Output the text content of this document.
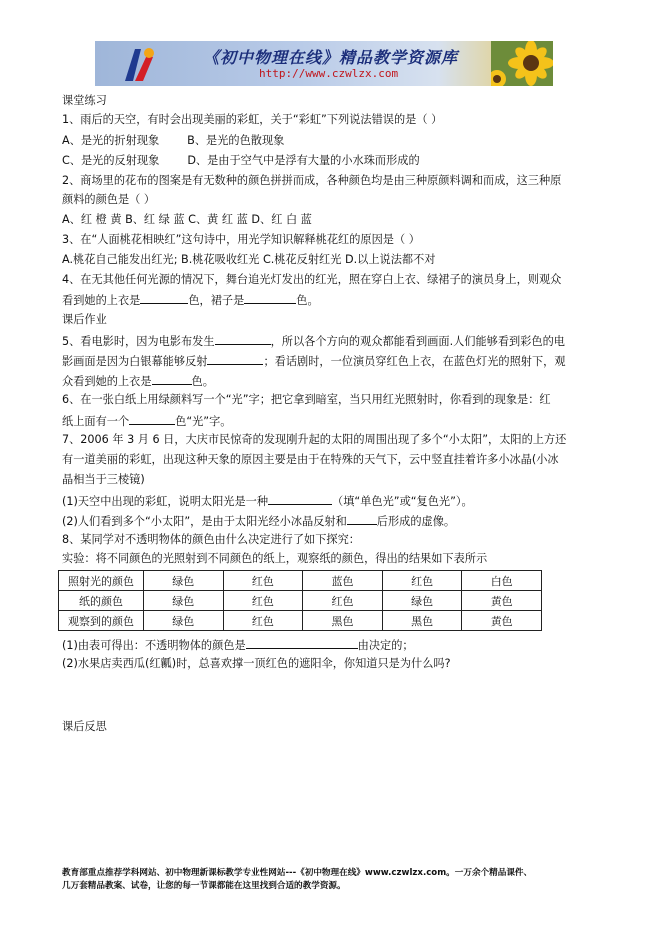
《初中物理在线》精品教学资源库
http://www.czwlzx.com
课堂练习
1、雨后的天空，有时会出现美丽的彩虹，关于“彩虹”下列说法错误的是（ ）
A、是光的折射现象	B、是光的色散现象
C、是光的反射现象	D、是由于空气中是浮有大量的小水珠而形成的
2、商场里的花布的图案是有无数种的颜色拼拼而成，各种颜色均是由三种原颜料调和而成，这三种原
颜料的颜色是（ ）
A、红 橙 黄 B、红 绿 蓝 C、黄 红 蓝 D、红 白 蓝
3、在“人面桃花相映红”这句诗中，用光学知识解释桃花红的原因是（ ）
A.桃花自己能发出红光; B.桃花吸收红光 C.桃花反射红光 D.以上说法都不对
4、在无其他任何光源的情况下，舞台追光灯发出的红光，照在穿白上衣、绿裙子的演员身上，则观众
看到她的上衣是	色，裙子是	色。
课后作业
5、看电影时，因为电影布发生	，所以各个方向的观众都能看到画面.人们能够看到彩色的电
影画面是因为白银幕能够反射	；看话剧时，一位演员穿红色上衣，在蓝色灯光的照射下，观
众看到她的上衣是	色。
6、在一张白纸上用绿颜料写一个“光”字；把它拿到暗室，当只用红光照射时，你看到的现象是：红
纸上面有一个	色“光”字。
7、2006 年 3 月 6 日，大庆市民惊奇的发现刚升起的太阳的周围出现了多个“小太阳”，太阳的上方还
有一道美丽的彩虹，出现这种天象的原因主要是由于在特殊的天气下，云中竖直挂着许多小冰晶(小冰
晶相当于三棱镜)
(1)天空中出现的彩虹，说明太阳光是一种	（填“单色光”或“复色光”）。
(2)人们看到多个“小太阳”，是由于太阳光经小冰晶反射和	后形成的虚像。
8、某同学对不透明物体的颜色由什么决定进行了如下探究：
实验：将不同颜色的光照射到不同颜色的纸上，观察纸的颜色，得出的结果如下表所示
照射光的颜色	绿色	红色	蓝色	红色	白色
纸的颜色	绿色	红色	红色	绿色	黄色
观察到的颜色	绿色	红色	黑色	黑色	黄色
(1)由表可得出：不透明物体的颜色是	由决定的；
(2)水果店卖西瓜(红瓤)时，总喜欢撑一顶红色的遮阳伞，你知道只是为什么吗?
课后反思
教育部重点推荐学科网站、初中物理新课标教学专业性网站---《初中物理在线》www.czwlzx.com。一万余个精品课件、
几万套精品教案、试卷，让您的每一节课都能在这里找到合适的教学资源。
